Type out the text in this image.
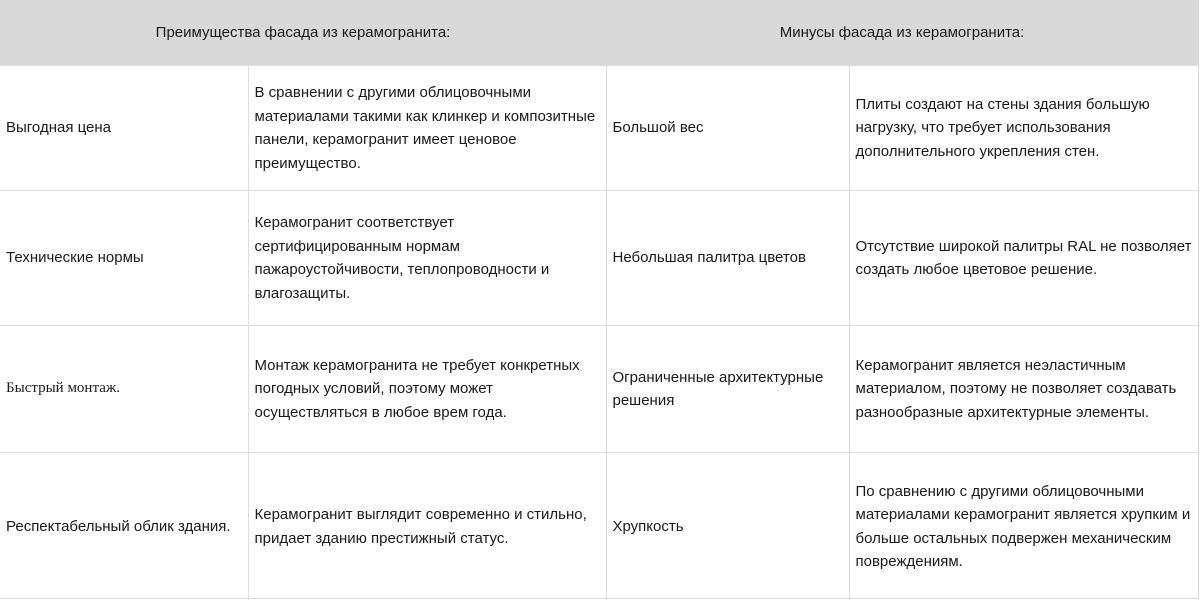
Преимущества фасада из керамогранита:		Минусы фасада из керамогранита:	
Выгодная цена	В сравнении с другими облицовочными материалами такими как клинкер и композитные панели, керамогранит имеет ценовое преимущество.	Большой вес	Плиты создают на стены здания большую нагрузку, что требует использования дополнительного укрепления стен.
Технические нормы	Керамогранит соответствует сертифицированным нормам пажароустойчивости, теплопроводности и влагозащиты.	Небольшая палитра цветов	Отсутствие широкой палитры RAL не позволяет создать любое цветовое решение.
Быстрый монтаж.	Монтаж керамогранита не требует конкретных погодных условий, поэтому может осуществляться в любое врем года.	Ограниченные архитектурные решения	Керамогранит является неэластичным материалом, поэтому не позволяет создавать разнообразные архитектурные элементы.
Респектабельный облик здания.	Керамогранит выглядит современно и стильно, придает зданию престижный статус.	Хрупкость	По сравнению с другими облицовочными материалами керамогранит является хрупким и больше остальных подвержен механическим повреждениям.
